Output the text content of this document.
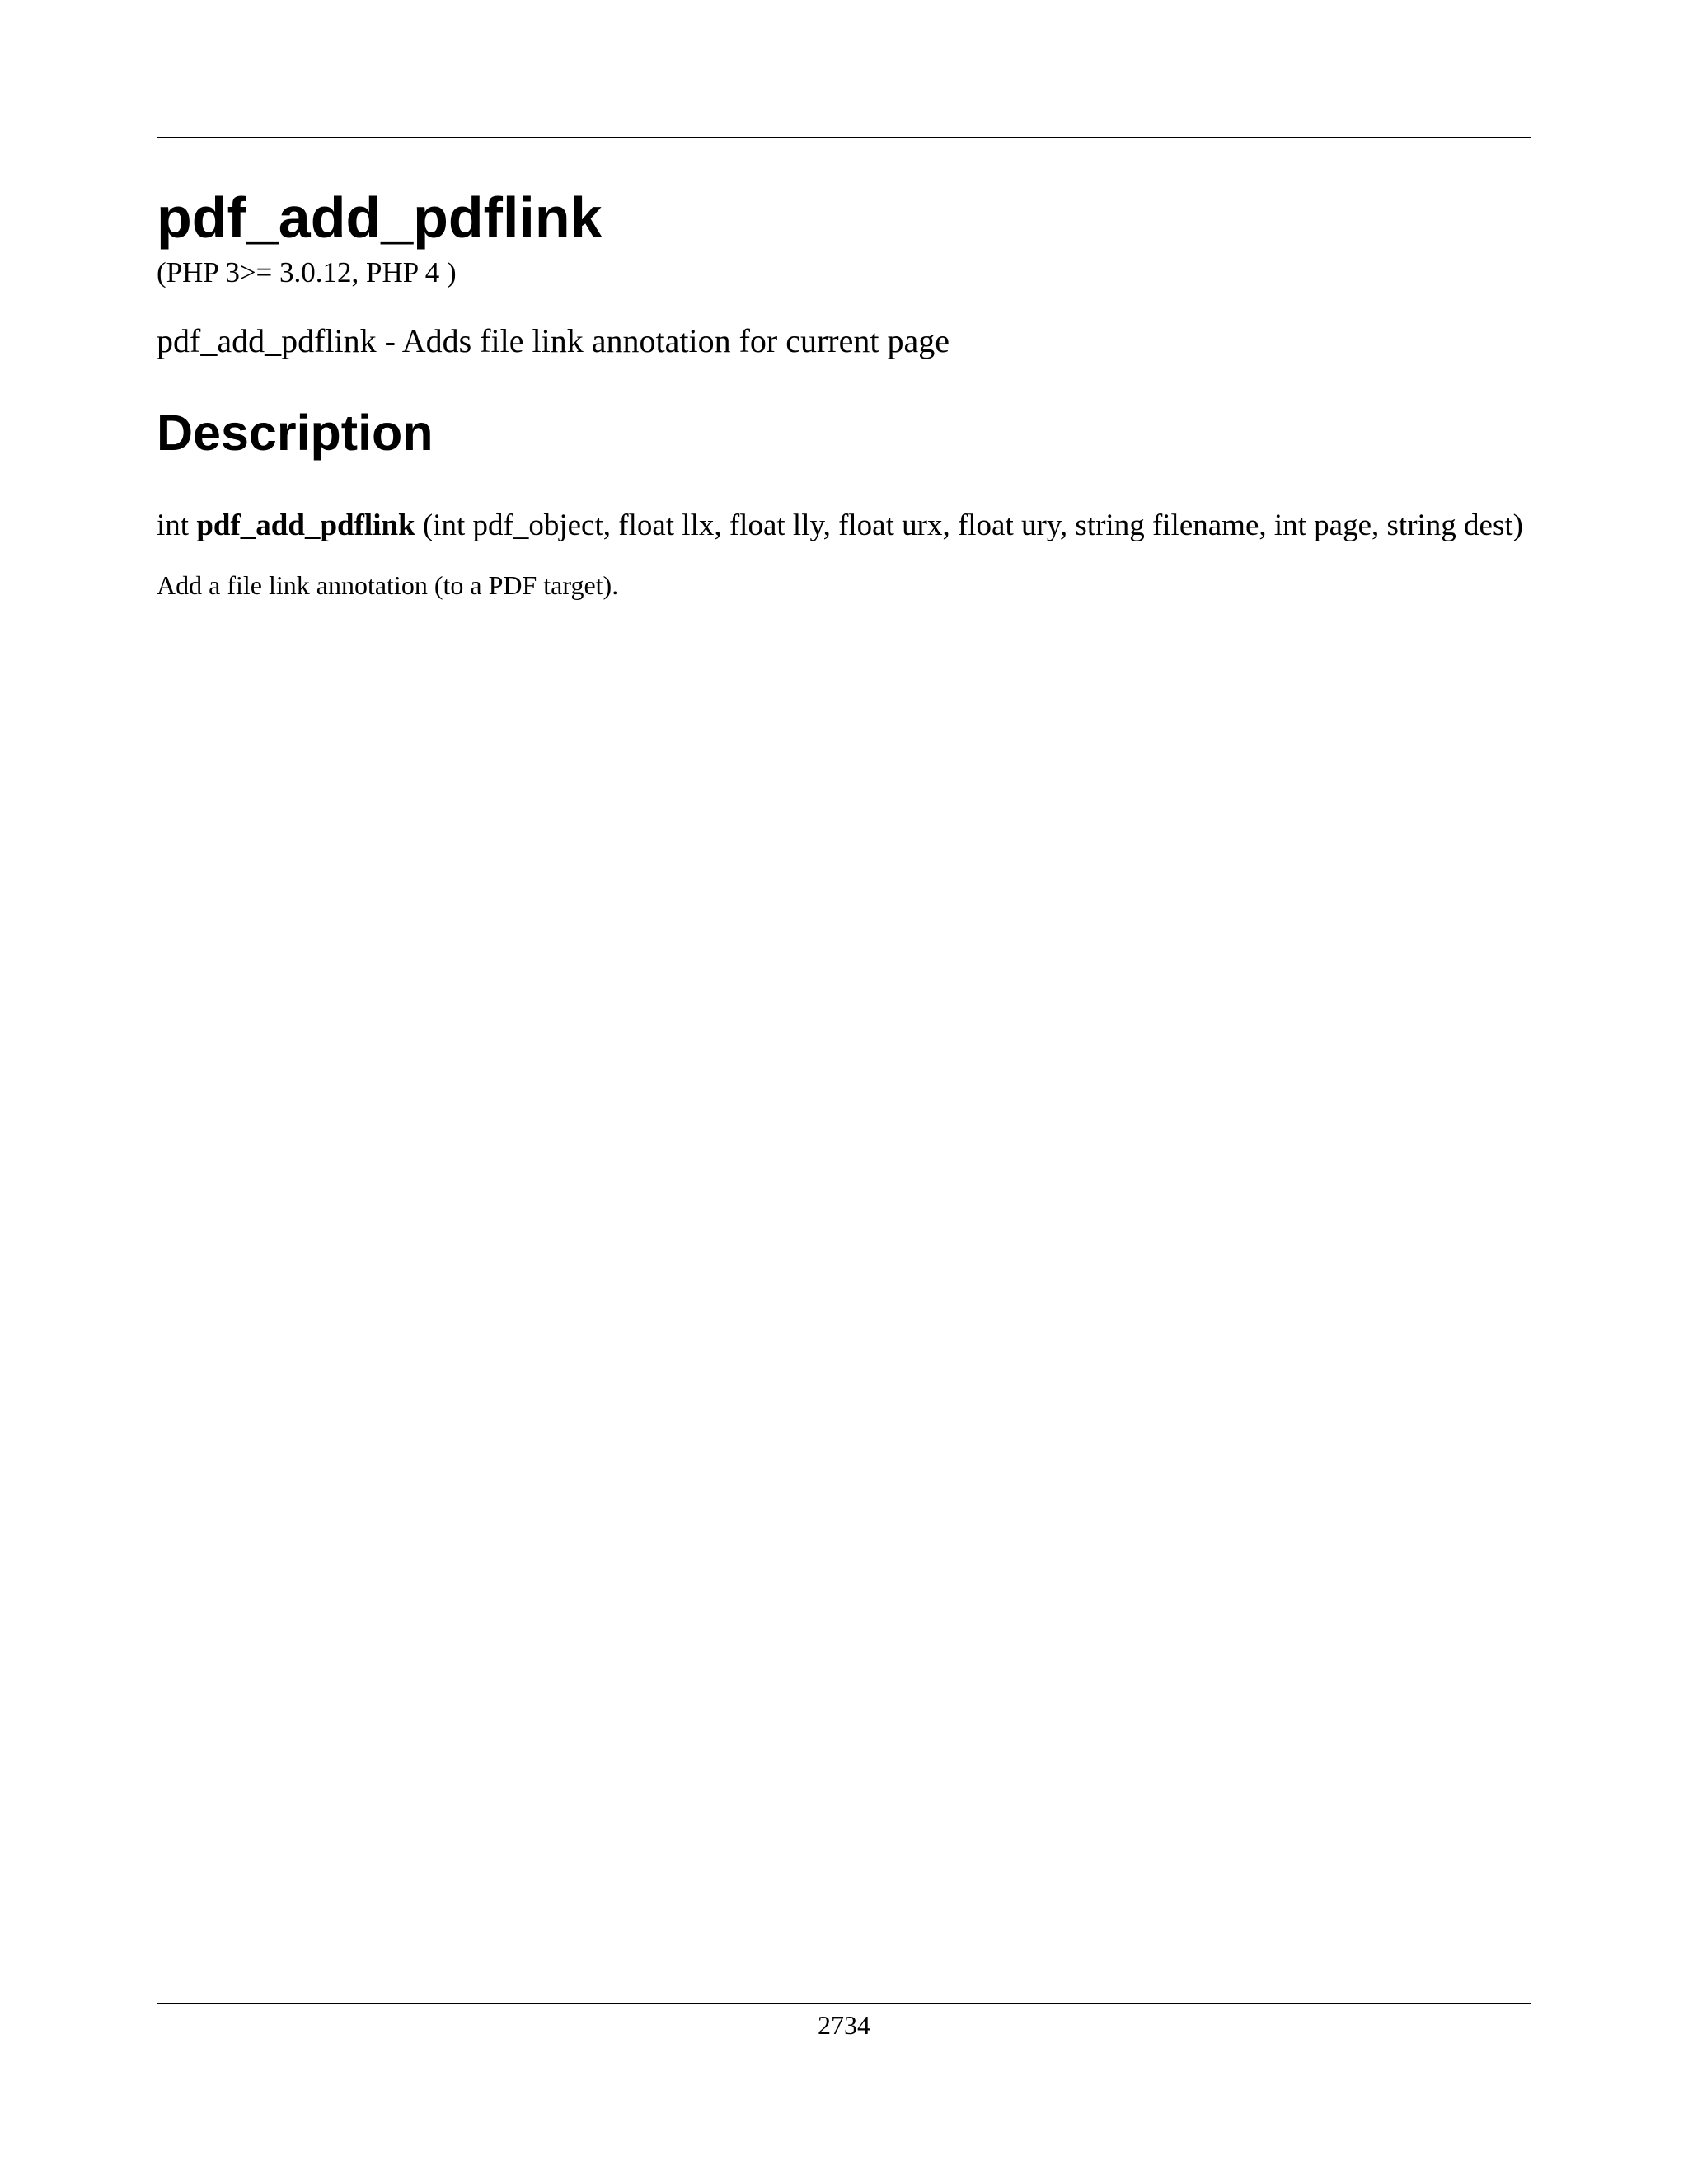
pdf_add_pdflink

(PHP 3>= 3.0.12, PHP 4 )

pdf_add_pdflink - Adds file link annotation for current page

Description

int pdf_add_pdflink (int pdf_object, float llx, float lly, float urx, float ury, string filename, int page, string dest)

Add a file link annotation (to a PDF target).

2734
